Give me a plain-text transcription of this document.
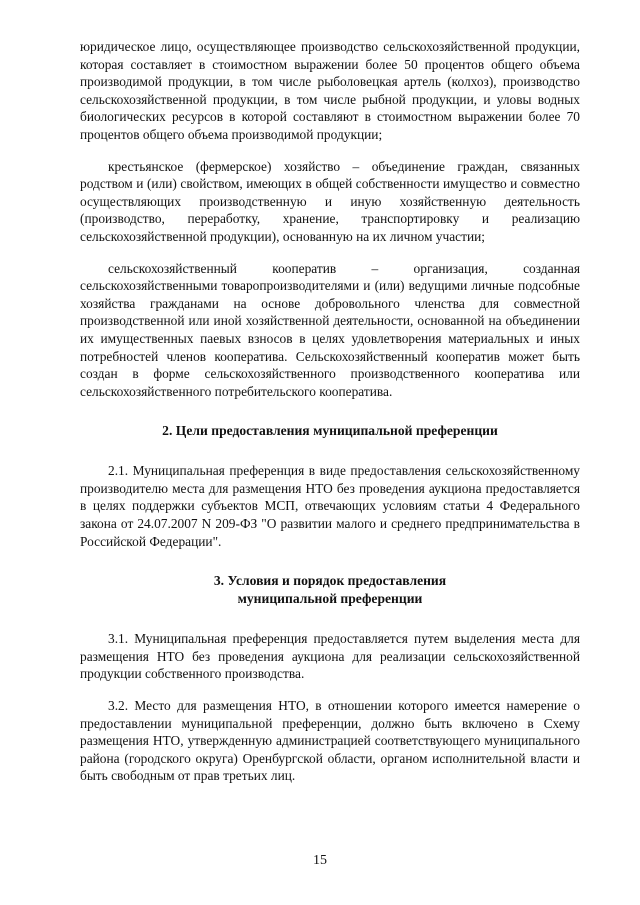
юридическое лицо, осуществляющее производство сельскохозяйственной продукции, которая составляет в стоимостном выражении более 50 процентов общего объема производимой продукции, в том числе рыболовецкая артель (колхоз), производство сельскохозяйственной продукции, в том числе рыбной продукции, и уловы водных биологических ресурсов в которой составляют в стоимостном выражении более 70 процентов общего объема производимой продукции;

крестьянское (фермерское) хозяйство – объединение граждан, связанных родством и (или) свойством, имеющих в общей собственности имущество и совместно осуществляющих производственную и иную хозяйственную деятельность (производство, переработку, хранение, транспортировку и реализацию сельскохозяйственной продукции), основанную на их личном участии;

сельскохозяйственный кооператив – организация, созданная сельскохозяйственными товаропроизводителями и (или) ведущими личные подсобные хозяйства гражданами на основе добровольного членства для совместной производственной или иной хозяйственной деятельности, основанной на объединении их имущественных паевых взносов в целях удовлетворения материальных и иных потребностей членов кооператива. Сельскохозяйственный кооператив может быть создан в форме сельскохозяйственного производственного кооператива или сельскохозяйственного потребительского кооператива.

2. Цели предоставления муниципальной преференции

2.1. Муниципальная преференция в виде предоставления сельскохозяйственному производителю места для размещения НТО без проведения аукциона предоставляется в целях поддержки субъектов МСП, отвечающих условиям статьи 4 Федерального закона от 24.07.2007 N 209-ФЗ "О развитии малого и среднего предпринимательства в Российской Федерации".

3. Условия и порядок предоставления
муниципальной преференции

3.1. Муниципальная преференция предоставляется путем выделения места для размещения НТО без проведения аукциона для реализации сельскохозяйственной продукции собственного производства.

3.2. Место для размещения НТО, в отношении которого имеется намерение о предоставлении муниципальной преференции, должно быть включено в Схему размещения НТО, утвержденную администрацией соответствующего муниципального района (городского округа) Оренбургской области, органом исполнительной власти и быть свободным от прав третьих лиц.

15
